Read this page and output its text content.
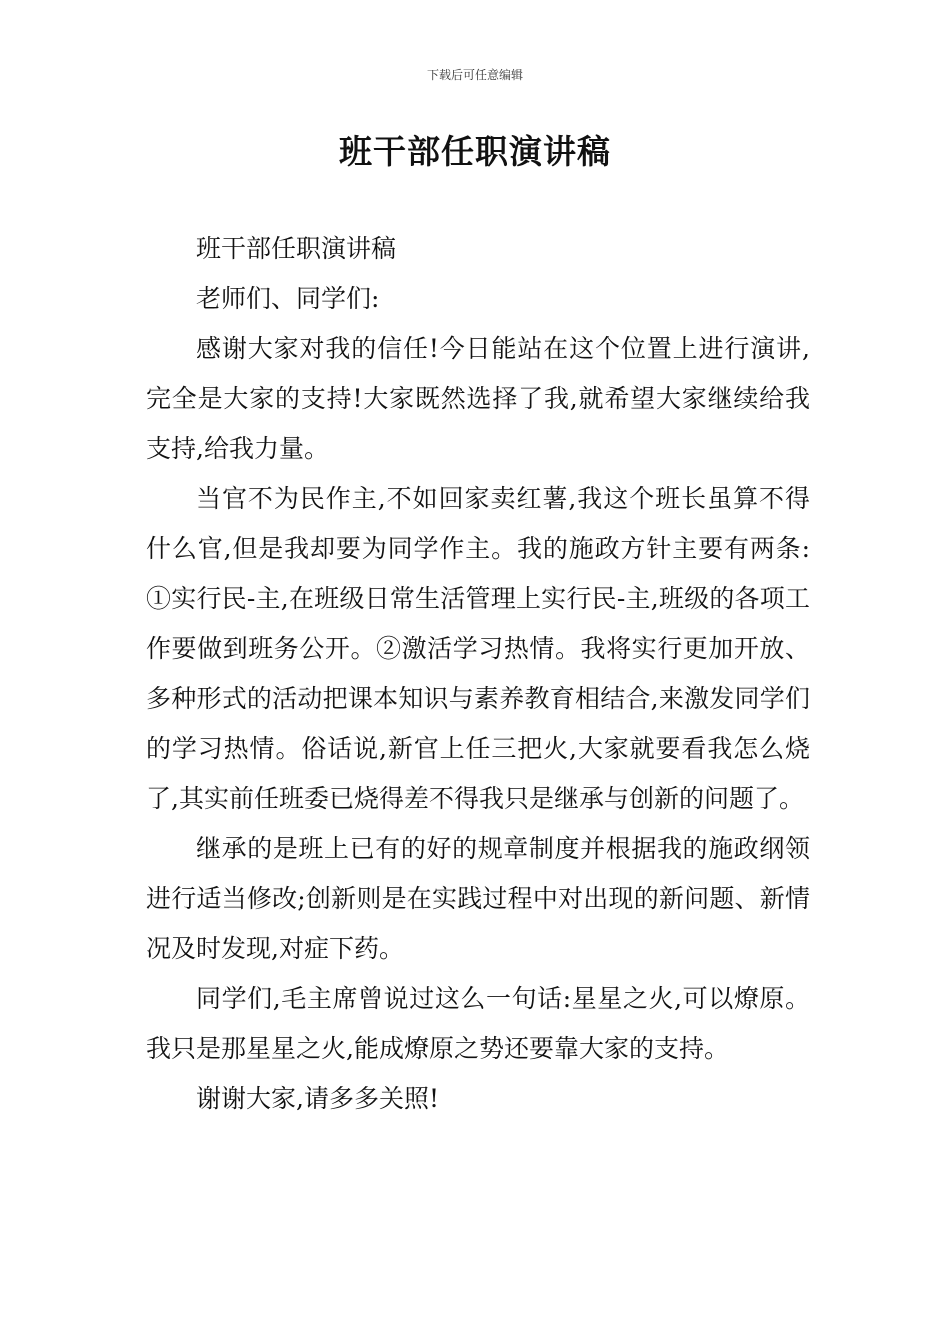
下载后可任意编辑
班干部任职演讲稿

班干部任职演讲稿

老师们、同学们:

感谢大家对我的信任!今日能站在这个位置上进行演讲,完全是大家的支持!大家既然选择了我,就希望大家继续给我支持,给我力量。

当官不为民作主,不如回家卖红薯,我这个班长虽算不得什么官,但是我却要为同学作主。我的施政方针主要有两条:①实行民-主,在班级日常生活管理上实行民-主,班级的各项工作要做到班务公开。②激活学习热情。我将实行更加开放、多种形式的活动把课本知识与素养教育相结合,来激发同学们的学习热情。俗话说,新官上任三把火,大家就要看我怎么烧了,其实前任班委已烧得差不得我只是继承与创新的问题了。

继承的是班上已有的好的规章制度并根据我的施政纲领进行适当修改;创新则是在实践过程中对出现的新问题、新情况及时发现,对症下药。

同学们,毛主席曾说过这么一句话:星星之火,可以燎原。我只是那星星之火,能成燎原之势还要靠大家的支持。

谢谢大家,请多多关照!
